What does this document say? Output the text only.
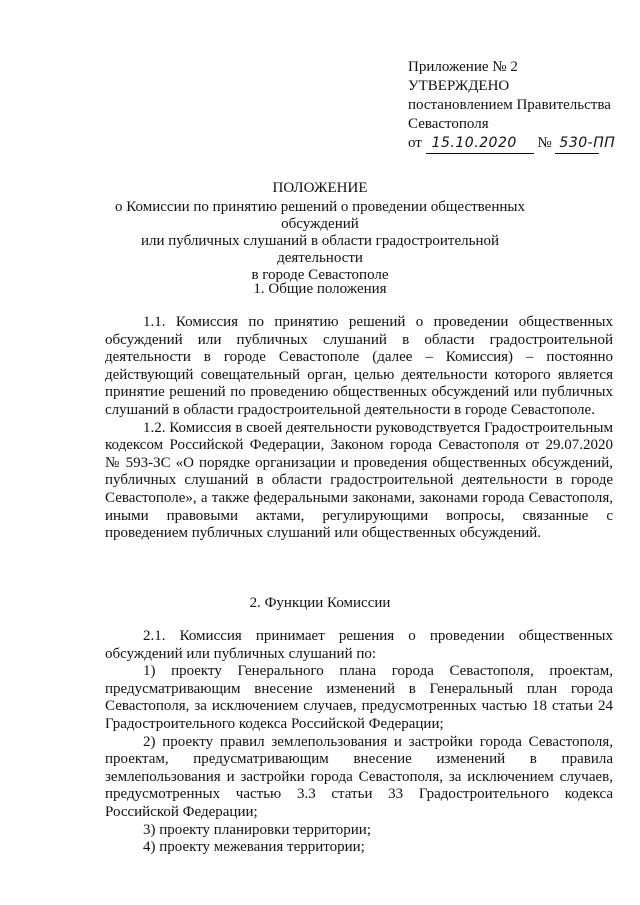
Приложение № 2
УТВЕРЖДЕНО
постановлением Правительства
Севастополя
от 15.10.2020 № 530-ПП
ПОЛОЖЕНИЕ
о Комиссии по принятию решений о проведении общественных обсуждений
или публичных слушаний в области градостроительной деятельности
в городе Севастополе
1. Общие положения

1.1. Комиссия по принятию решений о проведении общественных обсуждений или публичных слушаний в области градостроительной деятельности в городе Севастополе (далее – Комиссия) – постоянно действующий совещательный орган, целью деятельности которого является принятие решений по проведению общественных обсуждений или публичных слушаний в области градостроительной деятельности в городе Севастополе.

1.2. Комиссия в своей деятельности руководствуется Градостроительным кодексом Российской Федерации, Законом города Севастополя от 29.07.2020 № 593-ЗС «О порядке организации и проведения общественных обсуждений, публичных слушаний в области градостроительной деятельности в городе Севастополе», а также федеральными законами, законами города Севастополя, иными правовыми актами, регулирующими вопросы, связанные с проведением публичных слушаний или общественных обсуждений.

2. Функции Комиссии

2.1. Комиссия принимает решения о проведении общественных обсуждений или публичных слушаний по:

1) проекту Генерального плана города Севастополя, проектам, предусматривающим внесение изменений в Генеральный план города Севастополя, за исключением случаев, предусмотренных частью 18 статьи 24 Градостроительного кодекса Российской Федерации;

2) проекту правил землепользования и застройки города Севастополя, проектам, предусматривающим внесение изменений в правила землепользования и застройки города Севастополя, за исключением случаев, предусмотренных частью 3.3 статьи 33 Градостроительного кодекса Российской Федерации;

3) проекту планировки территории;

4) проекту межевания территории;
